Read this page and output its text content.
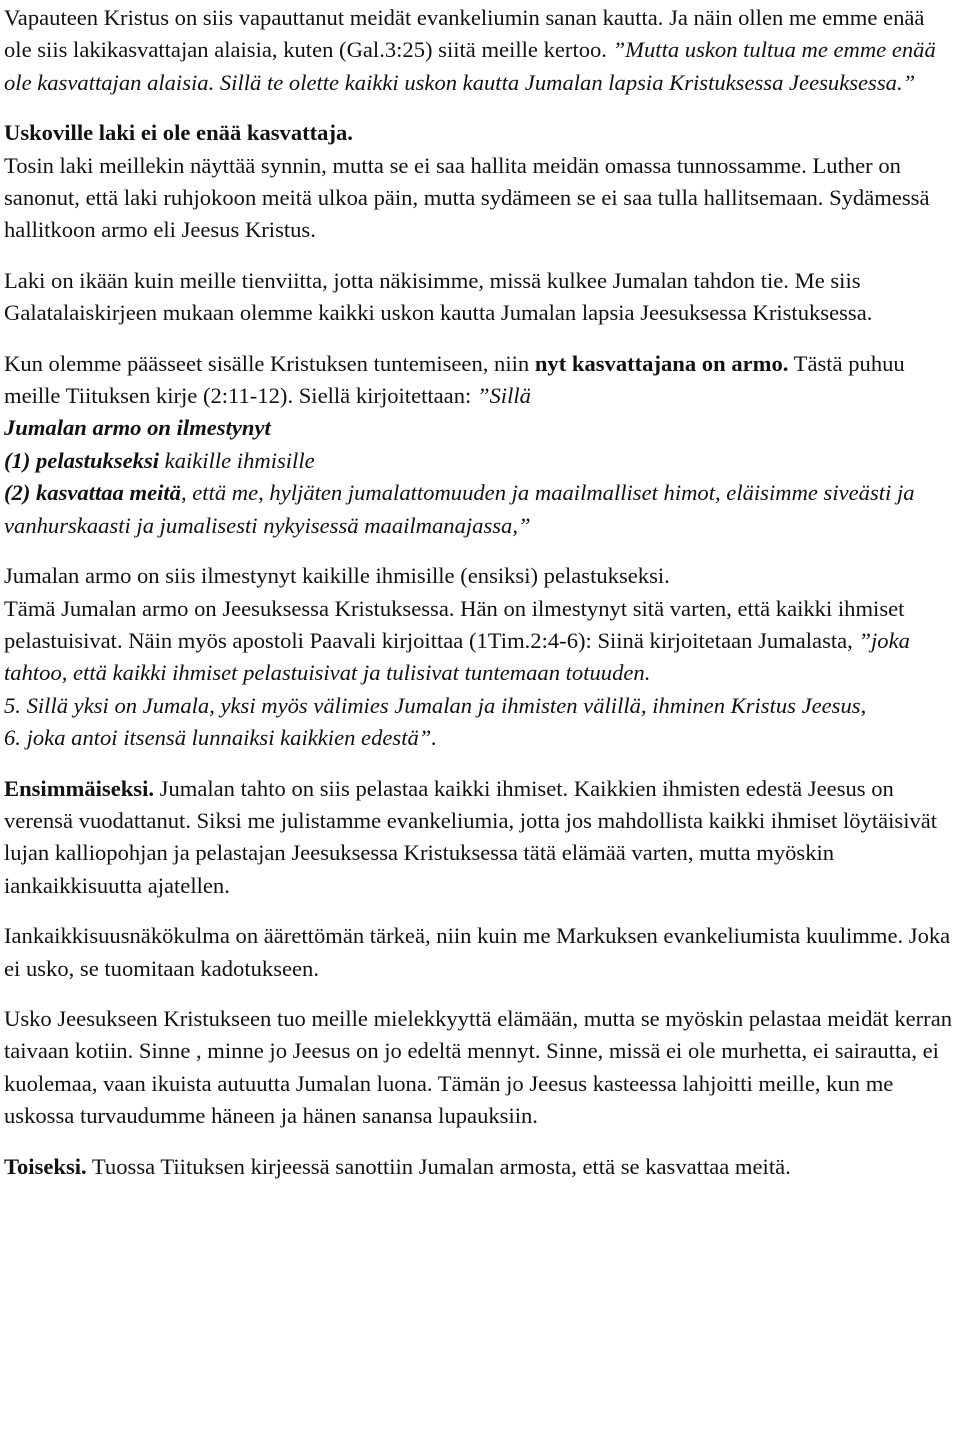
Vapauteen Kristus on siis vapauttanut meidät evankeliumin sanan kautta. Ja näin ollen me emme enää ole siis lakikasvattajan alaisia, kuten (Gal.3:25) siitä meille kertoo. ”Mutta uskon tultua me emme enää ole kasvattajan alaisia. Sillä te olette kaikki uskon kautta Jumalan lapsia Kristuksessa Jeesuksessa.”

Uskoville laki ei ole enää kasvattaja.
Tosin laki meillekin näyttää synnin, mutta se ei saa hallita meidän omassa tunnossamme. Luther on sanonut, että laki ruhjokoon meitä ulkoa päin, mutta sydämeen se ei saa tulla hallitsemaan. Sydämessä hallitkoon armo eli Jeesus Kristus.

Laki on ikään kuin meille tienviitta, jotta näkisimme, missä kulkee Jumalan tahdon tie. Me siis Galatalaiskirjeen mukaan olemme kaikki uskon kautta Jumalan lapsia Jeesuksessa Kristuksessa.

Kun olemme päässeet sisälle Kristuksen tuntemiseen, niin nyt kasvattajana on armo. Tästä puhuu meille Tiituksen kirje (2:11-12). Siellä kirjoitettaan: ”Sillä
Jumalan armo on ilmestynyt
(1) pelastukseksi kaikille ihmisille
(2) kasvattaa meitä, että me, hyljäten jumalattomuuden ja maailmalliset himot, eläisimme siveästi ja vanhurskaasti ja jumalisesti nykyisessä maailmanajassa,”

Jumalan armo on siis ilmestynyt kaikille ihmisille (ensiksi) pelastukseksi.
Tämä Jumalan armo on Jeesuksessa Kristuksessa. Hän on ilmestynyt sitä varten, että kaikki ihmiset pelastuisivat. Näin myös apostoli Paavali kirjoittaa (1Tim.2:4-6): Siinä kirjoitetaan Jumalasta, ”joka tahtoo, että kaikki ihmiset pelastuisivat ja tulisivat tuntemaan totuuden.
5. Sillä yksi on Jumala, yksi myös välimies Jumalan ja ihmisten välillä, ihminen Kristus Jeesus,
6. joka antoi itsensä lunnaiksi kaikkien edestä”.

Ensimmäiseksi. Jumalan tahto on siis pelastaa kaikki ihmiset. Kaikkien ihmisten edestä Jeesus on verensä vuodattanut. Siksi me julistamme evankeliumia, jotta jos mahdollista kaikki ihmiset löytäisivät lujan kalliopohjan ja pelastajan Jeesuksessa Kristuksessa tätä elämää varten, mutta myöskin iankaikkisuutta ajatellen.

Iankaikkisuusnäkökulma on äärettömän tärkeä, niin kuin me Markuksen evankeliumista kuulimme. Joka ei usko, se tuomitaan kadotukseen.

Usko Jeesukseen Kristukseen tuo meille mielekkyyttä elämään, mutta se myöskin pelastaa meidät kerran taivaan kotiin. Sinne , minne jo Jeesus on jo edeltä mennyt. Sinne, missä ei ole murhetta, ei sairautta, ei kuolemaa, vaan ikuista autuutta Jumalan luona. Tämän jo Jeesus kasteessa lahjoitti meille, kun me uskossa turvaudumme häneen ja hänen sanansa lupauksiin.

Toiseksi. Tuossa Tiituksen kirjeessä sanottiin Jumalan armosta, että se kasvattaa meitä.
